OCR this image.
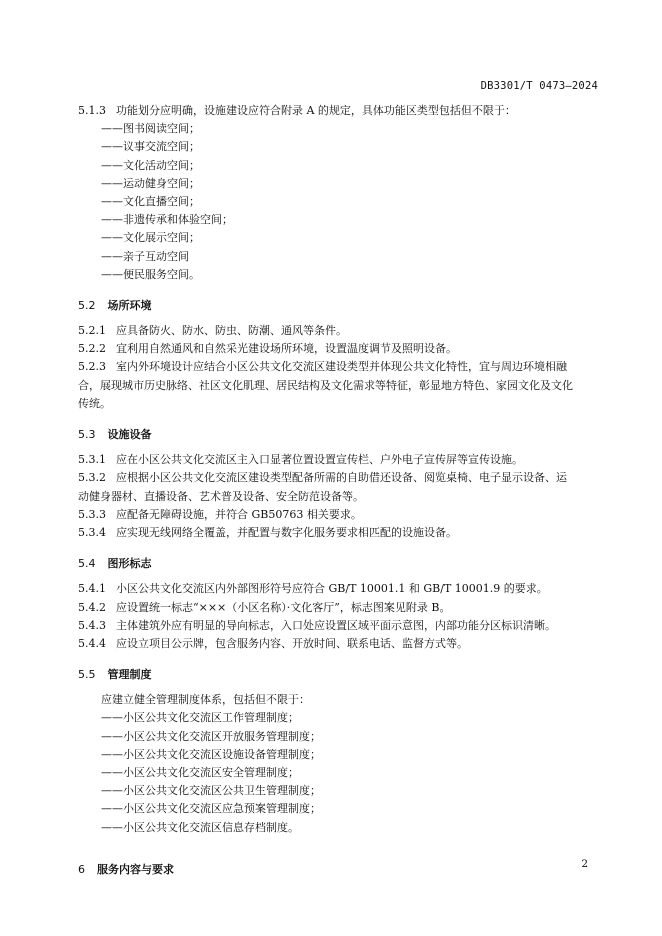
DB3301/T 0473—2024
5.1.3 功能划分应明确，设施建设应符合附录 A 的规定，具体功能区类型包括但不限于：
——图书阅读空间；
——议事交流空间；
——文化活动空间；
——运动健身空间；
——文化直播空间；
——非遗传承和体验空间；
——文化展示空间；
——亲子互动空间
——便民服务空间。
5.2 场所环境
5.2.1 应具备防火、防水、防虫、防潮、通风等条件。
5.2.2 宜利用自然通风和自然采光建设场所环境，设置温度调节及照明设备。
5.2.3 室内外环境设计应结合小区公共文化交流区建设类型并体现公共文化特性，宜与周边环境相融
合，展现城市历史脉络、社区文化肌理、居民结构及文化需求等特征，彰显地方特色、家园文化及文化
传统。
5.3 设施设备
5.3.1 应在小区公共文化交流区主入口显著位置设置宣传栏、户外电子宣传屏等宣传设施。
5.3.2 应根据小区公共文化交流区建设类型配备所需的自助借还设备、阅览桌椅、电子显示设备、运
动健身器材、直播设备、艺术普及设备、安全防范设备等。
5.3.3 应配备无障碍设施，并符合 GB50763 相关要求。
5.3.4 应实现无线网络全覆盖，并配置与数字化服务要求相匹配的设施设备。
5.4 图形标志
5.4.1 小区公共文化交流区内外部图形符号应符合 GB/T 10001.1 和 GB/T 10001.9 的要求。
5.4.2 应设置统一标志“×××（小区名称）·文化客厅”，标志图案见附录 B。
5.4.3 主体建筑外应有明显的导向标志，入口处应设置区域平面示意图，内部功能分区标识清晰。
5.4.4 应设立项目公示牌，包含服务内容、开放时间、联系电话、监督方式等。
5.5 管理制度
应建立健全管理制度体系，包括但不限于：
——小区公共文化交流区工作管理制度；
——小区公共文化交流区开放服务管理制度；
——小区公共文化交流区设施设备管理制度；
——小区公共文化交流区安全管理制度；
——小区公共文化交流区公共卫生管理制度；
——小区公共文化交流区应急预案管理制度；
——小区公共文化交流区信息存档制度。
6 服务内容与要求	2
